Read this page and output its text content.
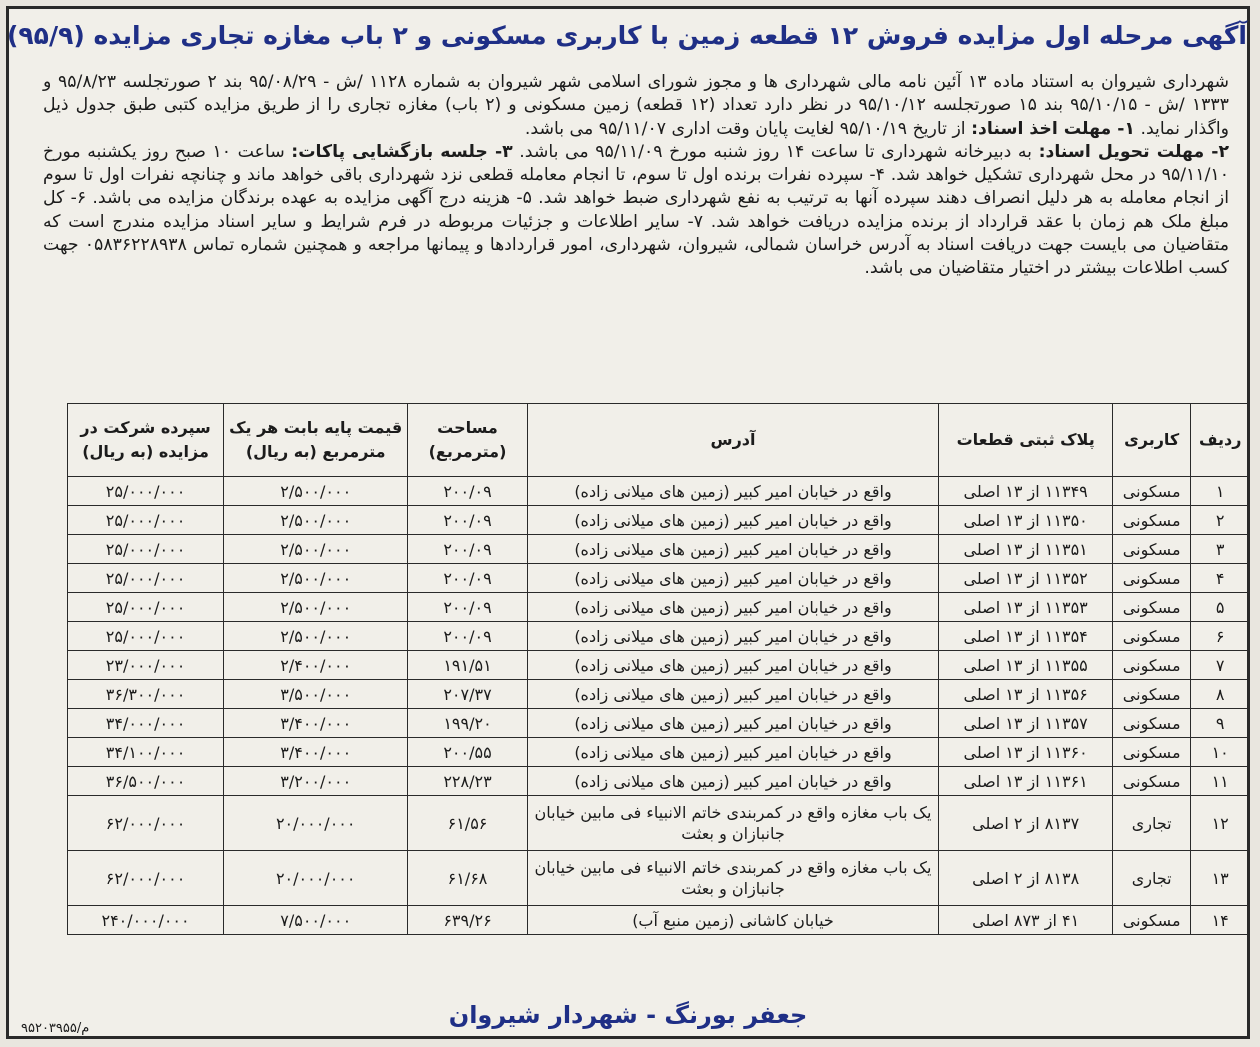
آگهی مرحله اول مزایده فروش ۱۲ قطعه زمین با کاربری مسکونی و ۲ باب مغازه تجاری مزایده (۹۵/۹)

شهرداری شیروان به استناد ماده ۱۳ آئین نامه مالی شهرداری ها و مجوز شورای اسلامی شهر شیروان به شماره ۱۱۲۸ /ش - ۹۵/۰۸/۲۹ بند ۲ صورتجلسه ۹۵/۸/۲۳ و ۱۳۳۳ /ش - ۹۵/۱۰/۱۵ بند ۱۵ صورتجلسه ۹۵/۱۰/۱۲ در نظر دارد تعداد (۱۲ قطعه) زمین مسکونی و (۲ باب) مغازه تجاری را از طریق مزایده کتبی طبق جدول ذیل واگذار نماید. ۱- مهلت اخذ اسناد: از تاریخ ۹۵/۱۰/۱۹ لغایت پایان وقت اداری ۹۵/۱۱/۰۷ می باشد.

۲- مهلت تحویل اسناد: به دبیرخانه شهرداری تا ساعت ۱۴ روز شنبه مورخ ۹۵/۱۱/۰۹ می باشد. ۳- جلسه بازگشایی پاکات: ساعت ۱۰ صبح روز یکشنبه مورخ ۹۵/۱۱/۱۰ در محل شهرداری تشکیل خواهد شد. ۴- سپرده نفرات برنده اول تا سوم، تا انجام معامله قطعی نزد شهرداری باقی خواهد ماند و چنانچه نفرات اول تا سوم از انجام معامله به هر دلیل انصراف دهند سپرده آنها به ترتیب به نفع شهرداری ضبط خواهد شد. ۵- هزینه درج آگهی مزایده به عهده برندگان مزایده می باشد. ۶- کل مبلغ ملک هم زمان با عقد قرارداد از برنده مزایده دریافت خواهد شد. ۷- سایر اطلاعات و جزئیات مربوطه در فرم شرایط و سایر اسناد مزایده مندرج است که متقاضیان می بایست جهت دریافت اسناد به آدرس خراسان شمالی، شیروان، شهرداری، امور قراردادها و پیمانها مراجعه و همچنین شماره تماس ۰۵۸۳۶۲۲۸۹۳۸ جهت کسب اطلاعات بیشتر در اختیار متقاضیان می باشد.

ردیف	کاربری	پلاک ثبتی قطعات	آدرس	مساحت (مترمربع)	قیمت پایه بابت هر یک مترمربع (به ریال)	سپرده شرکت در مزایده (به ریال)
۱	مسکونی	۱۱۳۴۹ از ۱۳ اصلی	واقع در خیابان امیر کبیر (زمین های میلانی زاده)	۲۰۰/۰۹	۲/۵۰۰/۰۰۰	۲۵/۰۰۰/۰۰۰
۲	مسکونی	۱۱۳۵۰ از ۱۳ اصلی	واقع در خیابان امیر کبیر (زمین های میلانی زاده)	۲۰۰/۰۹	۲/۵۰۰/۰۰۰	۲۵/۰۰۰/۰۰۰
۳	مسکونی	۱۱۳۵۱ از ۱۳ اصلی	واقع در خیابان امیر کبیر (زمین های میلانی زاده)	۲۰۰/۰۹	۲/۵۰۰/۰۰۰	۲۵/۰۰۰/۰۰۰
۴	مسکونی	۱۱۳۵۲ از ۱۳ اصلی	واقع در خیابان امیر کبیر (زمین های میلانی زاده)	۲۰۰/۰۹	۲/۵۰۰/۰۰۰	۲۵/۰۰۰/۰۰۰
۵	مسکونی	۱۱۳۵۳ از ۱۳ اصلی	واقع در خیابان امیر کبیر (زمین های میلانی زاده)	۲۰۰/۰۹	۲/۵۰۰/۰۰۰	۲۵/۰۰۰/۰۰۰
۶	مسکونی	۱۱۳۵۴ از ۱۳ اصلی	واقع در خیابان امیر کبیر (زمین های میلانی زاده)	۲۰۰/۰۹	۲/۵۰۰/۰۰۰	۲۵/۰۰۰/۰۰۰
۷	مسکونی	۱۱۳۵۵ از ۱۳ اصلی	واقع در خیابان امیر کبیر (زمین های میلانی زاده)	۱۹۱/۵۱	۲/۴۰۰/۰۰۰	۲۳/۰۰۰/۰۰۰
۸	مسکونی	۱۱۳۵۶ از ۱۳ اصلی	واقع در خیابان امیر کبیر (زمین های میلانی زاده)	۲۰۷/۳۷	۳/۵۰۰/۰۰۰	۳۶/۳۰۰/۰۰۰
۹	مسکونی	۱۱۳۵۷ از ۱۳ اصلی	واقع در خیابان امیر کبیر (زمین های میلانی زاده)	۱۹۹/۲۰	۳/۴۰۰/۰۰۰	۳۴/۰۰۰/۰۰۰
۱۰	مسکونی	۱۱۳۶۰ از ۱۳ اصلی	واقع در خیابان امیر کبیر (زمین های میلانی زاده)	۲۰۰/۵۵	۳/۴۰۰/۰۰۰	۳۴/۱۰۰/۰۰۰
۱۱	مسکونی	۱۱۳۶۱ از ۱۳ اصلی	واقع در خیابان امیر کبیر (زمین های میلانی زاده)	۲۲۸/۲۳	۳/۲۰۰/۰۰۰	۳۶/۵۰۰/۰۰۰
۱۲	تجاری	۸۱۳۷ از ۲ اصلی	یک باب مغازه واقع در کمربندی خاتم الانبیاء فی مابین خیابان جانبازان و بعثت	۶۱/۵۶	۲۰/۰۰۰/۰۰۰	۶۲/۰۰۰/۰۰۰
۱۳	تجاری	۸۱۳۸ از ۲ اصلی	یک باب مغازه واقع در کمربندی خاتم الانبیاء فی مابین خیابان جانبازان و بعثت	۶۱/۶۸	۲۰/۰۰۰/۰۰۰	۶۲/۰۰۰/۰۰۰
۱۴	مسکونی	۴۱ از ۸۷۳ اصلی	خیابان کاشانی (زمین منبع آب)	۶۳۹/۲۶	۷/۵۰۰/۰۰۰	۲۴۰/۰۰۰/۰۰۰
جعفر بورنگ - شهردار شیروان
۹۵۲۰۳۹۵۵/م
